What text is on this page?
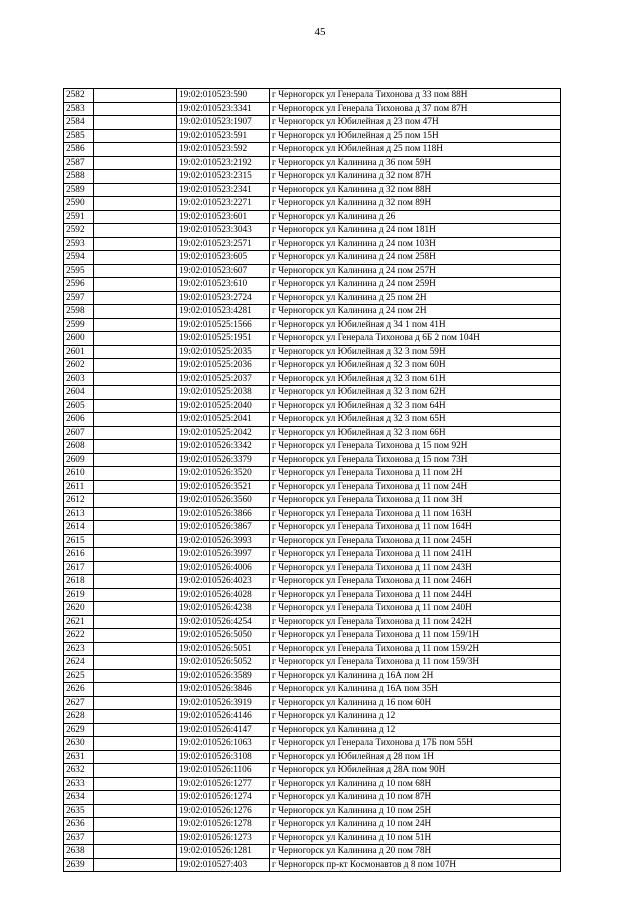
45
2582		19:02:010523:590	г Черногорск ул Генерала Тихонова д 33 пом 88Н
2583		19:02:010523:3341	г Черногорск ул Генерала Тихонова д 37 пом 87Н
2584		19:02:010523:1907	г Черногорск ул Юбилейная д 23 пом 47Н
2585		19:02:010523:591	г Черногорск ул Юбилейная д 25 пом 15Н
2586		19:02:010523:592	г Черногорск ул Юбилейная д 25 пом 118Н
2587		19:02:010523:2192	г Черногорск ул Калинина д 36 пом 59Н
2588		19:02:010523:2315	г Черногорск ул Калинина д 32 пом 87Н
2589		19:02:010523:2341	г Черногорск ул Калинина д 32 пом 88Н
2590		19:02:010523:2271	г Черногорск ул Калинина д 32 пом 89Н
2591		19:02:010523:601	г Черногорск ул Калинина д 26
2592		19:02:010523:3043	г Черногорск ул Калинина д 24 пом 181Н
2593		19:02:010523:2571	г Черногорск ул Калинина д 24 пом 103Н
2594		19:02:010523:605	г Черногорск ул Калинина д 24 пом 258Н
2595		19:02:010523:607	г Черногорск ул Калинина д 24 пом 257Н
2596		19:02:010523:610	г Черногорск ул Калинина д 24 пом 259Н
2597		19:02:010523:2724	г Черногорск ул Калинина д 25 пом 2Н
2598		19:02:010523:4281	г Черногорск ул Калинина д 24 пом 2Н
2599		19:02:010525:1566	г Черногорск ул Юбилейная д 34 1 пом 41Н
2600		19:02:010525:1951	г Черногорск ул Генерала Тихонова д 6Б 2 пом 104Н
2601		19:02:010525:2035	г Черногорск ул Юбилейная д 32 3 пом 59Н
2602		19:02:010525:2036	г Черногорск ул Юбилейная д 32 3 пом 60Н
2603		19:02:010525:2037	г Черногорск ул Юбилейная д 32 3 пом 61Н
2604		19:02:010525:2038	г Черногорск ул Юбилейная д 32 3 пом 62Н
2605		19:02:010525:2040	г Черногорск ул Юбилейная д 32 3 пом 64Н
2606		19:02:010525:2041	г Черногорск ул Юбилейная д 32 3 пом 65Н
2607		19:02:010525:2042	г Черногорск ул Юбилейная д 32 3 пом 66Н
2608		19:02:010526:3342	г Черногорск ул Генерала Тихонова д 15 пом 92Н
2609		19:02:010526:3379	г Черногорск ул Генерала Тихонова д 15 пом 73Н
2610		19:02:010526:3520	г Черногорск ул Генерала Тихонова д 11 пом 2Н
2611		19:02:010526:3521	г Черногорск ул Генерала Тихонова д 11 пом 24Н
2612		19:02:010526:3560	г Черногорск ул Генерала Тихонова д 11 пом 3Н
2613		19:02:010526:3866	г Черногорск ул Генерала Тихонова д 11 пом 163Н
2614		19:02:010526:3867	г Черногорск ул Генерала Тихонова д 11 пом 164Н
2615		19:02:010526:3993	г Черногорск ул Генерала Тихонова д 11 пом 245Н
2616		19:02:010526:3997	г Черногорск ул Генерала Тихонова д 11 пом 241Н
2617		19:02:010526:4006	г Черногорск ул Генерала Тихонова д 11 пом 243Н
2618		19:02:010526:4023	г Черногорск ул Генерала Тихонова д 11 пом 246Н
2619		19:02:010526:4028	г Черногорск ул Генерала Тихонова д 11 пом 244Н
2620		19:02:010526:4238	г Черногорск ул Генерала Тихонова д 11 пом 240Н
2621		19:02:010526:4254	г Черногорск ул Генерала Тихонова д 11 пом 242Н
2622		19:02:010526:5050	г Черногорск ул Генерала Тихонова д 11 пом 159/1Н
2623		19:02:010526:5051	г Черногорск ул Генерала Тихонова д 11 пом 159/2Н
2624		19:02:010526:5052	г Черногорск ул Генерала Тихонова д 11 пом 159/3Н
2625		19:02:010526:3589	г Черногорск ул Калинина д 16А пом 2Н
2626		19:02:010526:3846	г Черногорск ул Калинина д 16А пом 35Н
2627		19:02:010526:3919	г Черногорск ул Калинина д 16 пом 60Н
2628		19:02:010526:4146	г Черногорск ул Калинина д 12
2629		19:02:010526:4147	г Черногорск ул Калинина д 12
2630		19:02:010526:1063	г Черногорск ул Генерала Тихонова д 17Б пом 55Н
2631		19:02:010526:3108	г Черногорск ул Юбилейная д 28 пом 1Н
2632		19:02:010526:1106	г Черногорск ул Юбилейная д 28А пом 90Н
2633		19:02:010526:1277	г Черногорск ул Калинина д 10 пом 68Н
2634		19:02:010526:1274	г Черногорск ул Калинина д 10 пом 87Н
2635		19:02:010526:1276	г Черногорск ул Калинина д 10 пом 25Н
2636		19:02:010526:1278	г Черногорск ул Калинина д 10 пом 24Н
2637		19:02:010526:1273	г Черногорск ул Калинина д 10 пом 51Н
2638		19:02:010526:1281	г Черногорск ул Калинина д 20 пом 78Н
2639		19:02:010527:403	г Черногорск пр-кт Космонавтов д 8 пом 107Н
